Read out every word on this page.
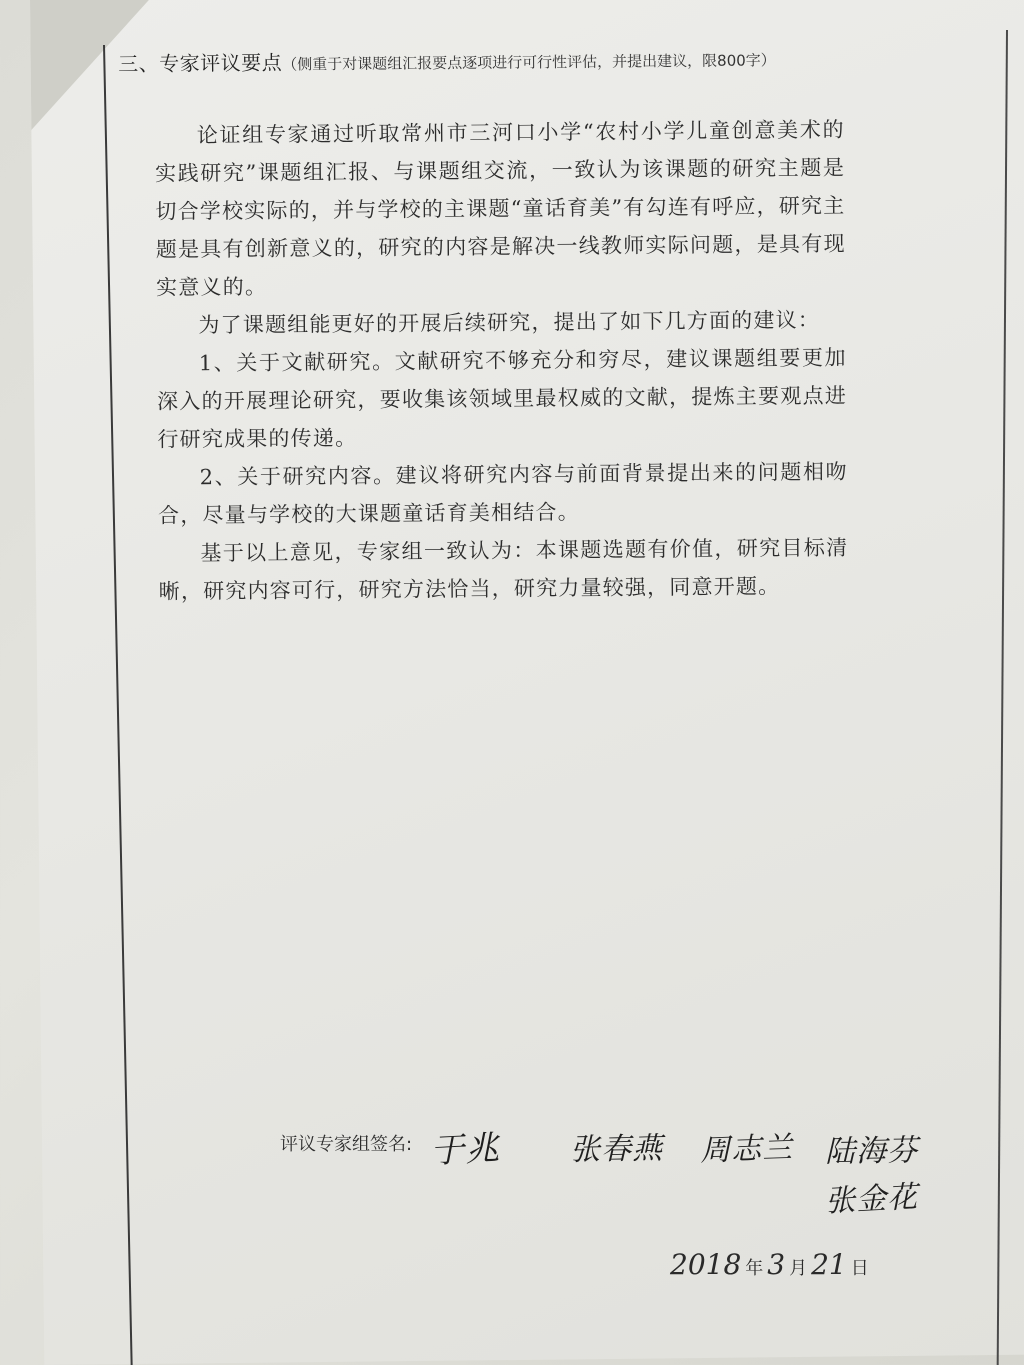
三、专家评议要点（侧重于对课题组汇报要点逐项进行可行性评估，并提出建议，限800字）

论证组专家通过听取常州市三河口小学“农村小学儿童创意美术的实践研究”课题组汇报、与课题组交流，一致认为该课题的研究主题是切合学校实际的，并与学校的主课题“童话育美”有勾连有呼应，研究主题是具有创新意义的，研究的内容是解决一线教师实际问题，是具有现实意义的。

为了课题组能更好的开展后续研究，提出了如下几方面的建议：

1、关于文献研究。文献研究不够充分和穷尽，建议课题组要更加深入的开展理论研究，要收集该领域里最权威的文献，提炼主要观点进行研究成果的传递。

2、关于研究内容。建议将研究内容与前面背景提出来的问题相吻合，尽量与学校的大课题童话育美相结合。

基于以上意见，专家组一致认为：本课题选题有价值，研究目标清晰，研究内容可行，研究方法恰当，研究力量较强，同意开题。

评议专家组签名: 于兆 张春燕 周志兰 陆海芬
张金花
2018 年 3 月 21 日
